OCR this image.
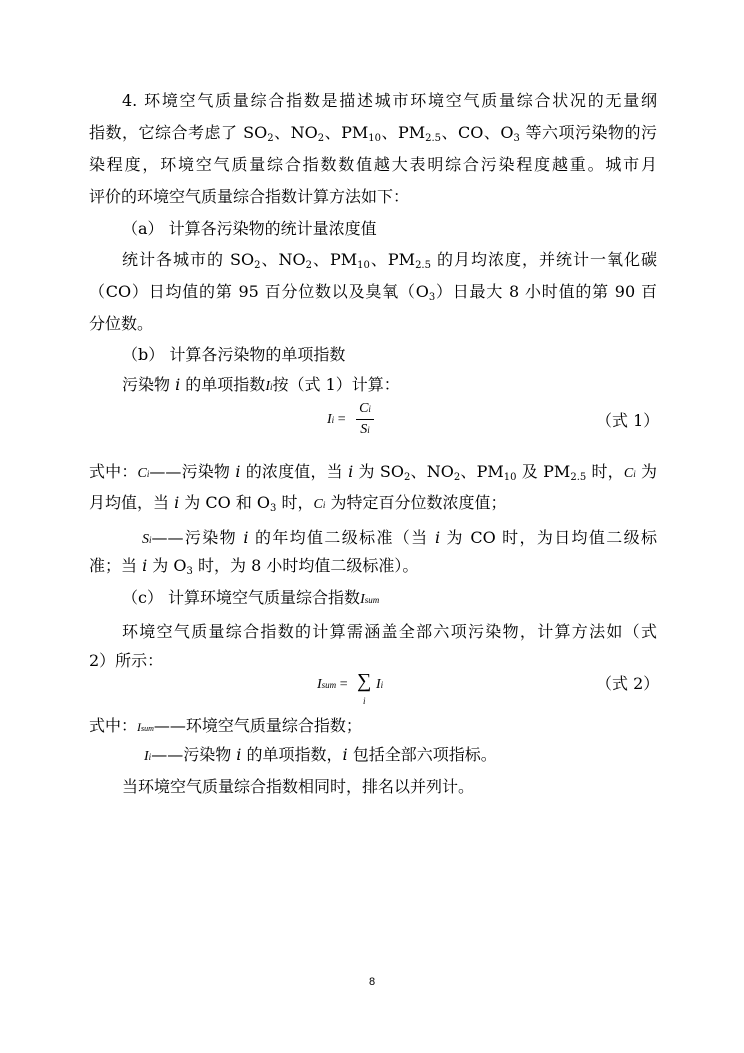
4. 环境空气质量综合指数是描述城市环境空气质量综合状况的无量纲
指数，它综合考虑了 $SO_2$、$NO_2$、$PM_{10}$、$PM_{2.5}$、CO、$O_3$ 等六项污染物的污
染程度，环境空气质量综合指数数值越大表明综合污染程度越重。城市月
评价的环境空气质量综合指数计算方法如下：
（a） 计算各污染物的统计量浓度值
统计各城市的 $SO_2$、$NO_2$、$PM_{10}$、$PM_{2.5}$ 的月均浓度，并统计一氧化碳
（CO）日均值的第 95 百分位数以及臭氧$(O_3)$日最大 8 小时值的第 90 百
分位数。
（b） 计算各污染物的单项指数
污染物 i 的单项指数Ii按（式 1）计算：
Ii =
Ci
Si	（式 1）
式中：Ci——污染物 i 的浓度值，当 i 为 $SO_2$、$NO_2$、$PM_{10}$ 及 $PM_{2.5}$ 时，Ci 为
月均值，当 i 为 CO 和 $O_3$ 时，Ci 为特定百分位数浓度值；
Si——污染物 i 的年均值二级标准（当 i 为 CO 时，为日均值二级标
准；当 i 为 $O_3$ 时，为 8 小时均值二级标准）。
（c） 计算环境空气质量综合指数Isum
环境空气质量综合指数的计算需涵盖全部六项污染物，计算方法如（式
2）所示：
Isum = ∑
i
Ii	（式 2）
式中：Isum——环境空气质量综合指数；
Ii——污染物 i 的单项指数，i 包括全部六项指标。
当环境空气质量综合指数相同时，排名以并列计。
8
